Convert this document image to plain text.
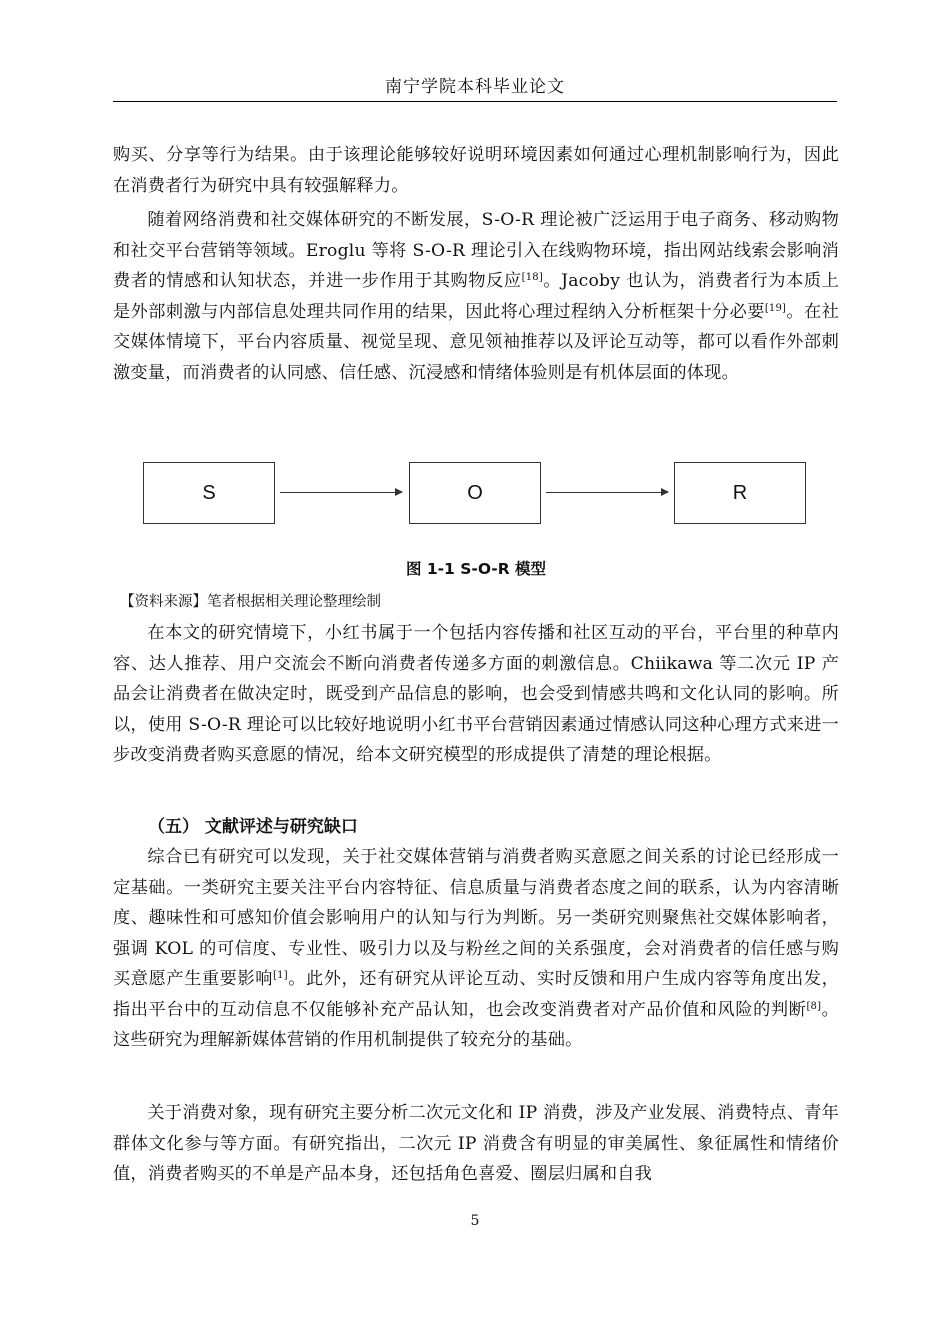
南宁学院本科毕业论文

购买、分享等行为结果。由于该理论能够较好说明环境因素如何通过心理机制影响行为，因此在消费者行为研究中具有较强解释力。

随着网络消费和社交媒体研究的不断发展，S-O-R 理论被广泛运用于电子商务、移动购物和社交平台营销等领域。Eroglu 等将 S-O-R 理论引入在线购物环境，指出网站线索会影响消费者的情感和认知状态，并进一步作用于其购物反应[18]。Jacoby 也认为，消费者行为本质上是外部刺激与内部信息处理共同作用的结果，因此将心理过程纳入分析框架十分必要[19]。在社交媒体情境下，平台内容质量、视觉呈现、意见领袖推荐以及评论互动等，都可以看作外部刺激变量，而消费者的认同感、信任感、沉浸感和情绪体验则是有机体层面的体现。

S	O	R
图 1-1 S-O-R 模型
【资料来源】笔者根据相关理论整理绘制

在本文的研究情境下，小红书属于一个包括内容传播和社区互动的平台，平台里的种草内容、达人推荐、用户交流会不断向消费者传递多方面的刺激信息。Chiikawa 等二次元 IP 产品会让消费者在做决定时，既受到产品信息的影响，也会受到情感共鸣和文化认同的影响。所以，使用 S-O-R 理论可以比较好地说明小红书平台营销因素通过情感认同这种心理方式来进一步改变消费者购买意愿的情况，给本文研究模型的形成提供了清楚的理论根据。

（五） 文献评述与研究缺口

综合已有研究可以发现，关于社交媒体营销与消费者购买意愿之间关系的讨论已经形成一定基础。一类研究主要关注平台内容特征、信息质量与消费者态度之间的联系，认为内容清晰度、趣味性和可感知价值会影响用户的认知与行为判断。另一类研究则聚焦社交媒体影响者，强调 KOL 的可信度、专业性、吸引力以及与粉丝之间的关系强度，会对消费者的信任感与购买意愿产生重要影响[1]。此外，还有研究从评论互动、实时反馈和用户生成内容等角度出发，指出平台中的互动信息不仅能够补充产品认知，也会改变消费者对产品价值和风险的判断[8]。这些研究为理解新媒体营销的作用机制提供了较充分的基础。

关于消费对象，现有研究主要分析二次元文化和 IP 消费，涉及产业发展、消费特点、青年群体文化参与等方面。有研究指出，二次元 IP 消费含有明显的审美属性、象征属性和情绪价值，消费者购买的不单是产品本身，还包括角色喜爱、圈层归属和自我

5
